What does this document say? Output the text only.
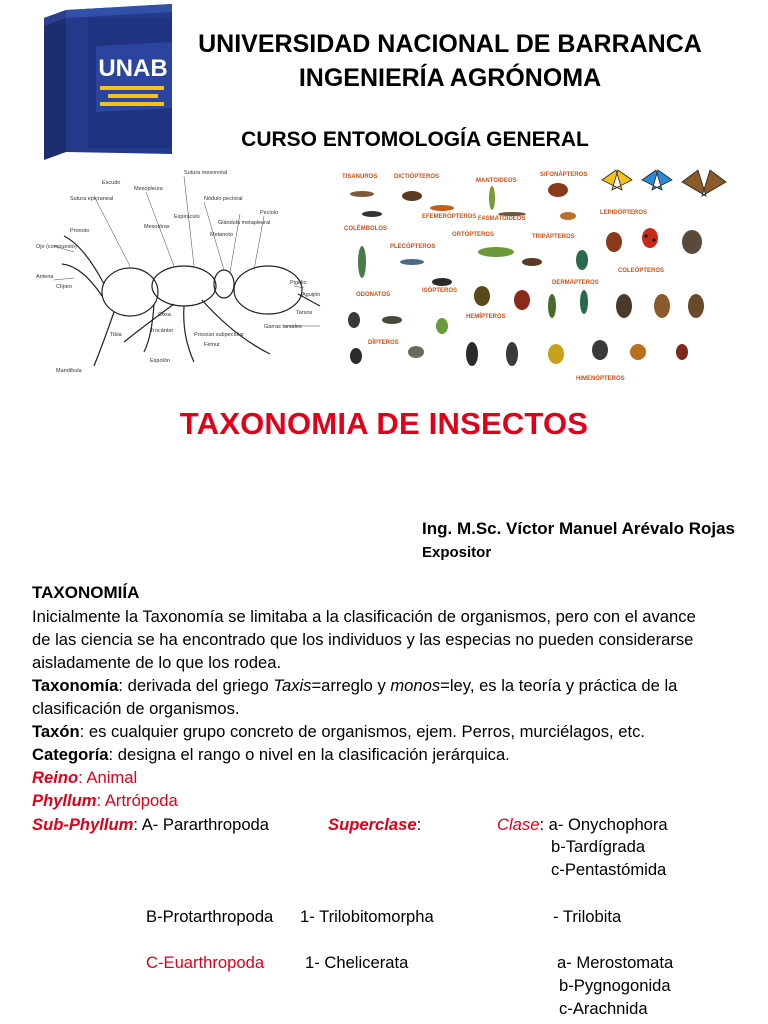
UNAB
UNIVERSIDAD NACIONAL DE BARRANCA
INGENIERÍA AGRÓNOMA
CURSO ENTOMOLOGÍA GENERAL
Sutura mesonotal
Escudo
Mesopleura
Sutura epicraneal	Nódulo pecíoral
Espiráculo
Glándula metapleural
Peciolo
Mesotórax
Pronoto
Metanoto
Ojo (compuesto)
Antena
Clípeo
Pigidio
Aguijón
Tarsos
Garras tarsales
Proceso subpecíolar
Fémur
Trocánter
Coxa
Tibia
Espolón
Mandíbula
TISANUROS	DICTIÓPTEROS
MANTOIDEOS
SIFONÁPTEROS
LEPIDÓPTEROS
COLÉMBOLOS
EFEMERÓPTEROS FASMATOIDEOS
ORTÓPTEROS	TRIPÁPTEROS
PLECÓPTEROS
COLEÓPTEROS
ODONATOS
ISÓPTEROS
DERMÁPTEROS
HEMÍPTEROS
DÍPTEROS
HIMENÓPTEROS
TAXONOMIA DE INSECTOS
Ing. M.Sc. Víctor Manuel Arévalo Rojas
Expositor
TAXONOMIÍA
Inicialmente la Taxonomía se limitaba a la clasificación de organismos, pero con el avance
de las ciencia se ha encontrado que los individuos y las especias no pueden considerarse
aisladamente de lo que los rodea.
Taxonomía: derivada del griego Taxis=arreglo y monos=ley, es la teoría y práctica de la
clasificación de organismos.
Taxón: es cualquier grupo concreto de organismos, ejem. Perros, murciélagos, etc.
Categoría: designa el rango o nivel en la clasificación jerárquica.
Reino: Animal
Phyllum: Artrópoda
Sub-Phyllum: A- Pararthropoda	Superclase:	Clase: a- Onychophora
b-Tardígrada
c-Pentastómida
B-Protarthropoda 1- Trilobitomorpha	- Trilobita
C-Euarthropoda 1- Chelicerata	a- Merostomata
b-Pygnogonida
c-Arachnida
